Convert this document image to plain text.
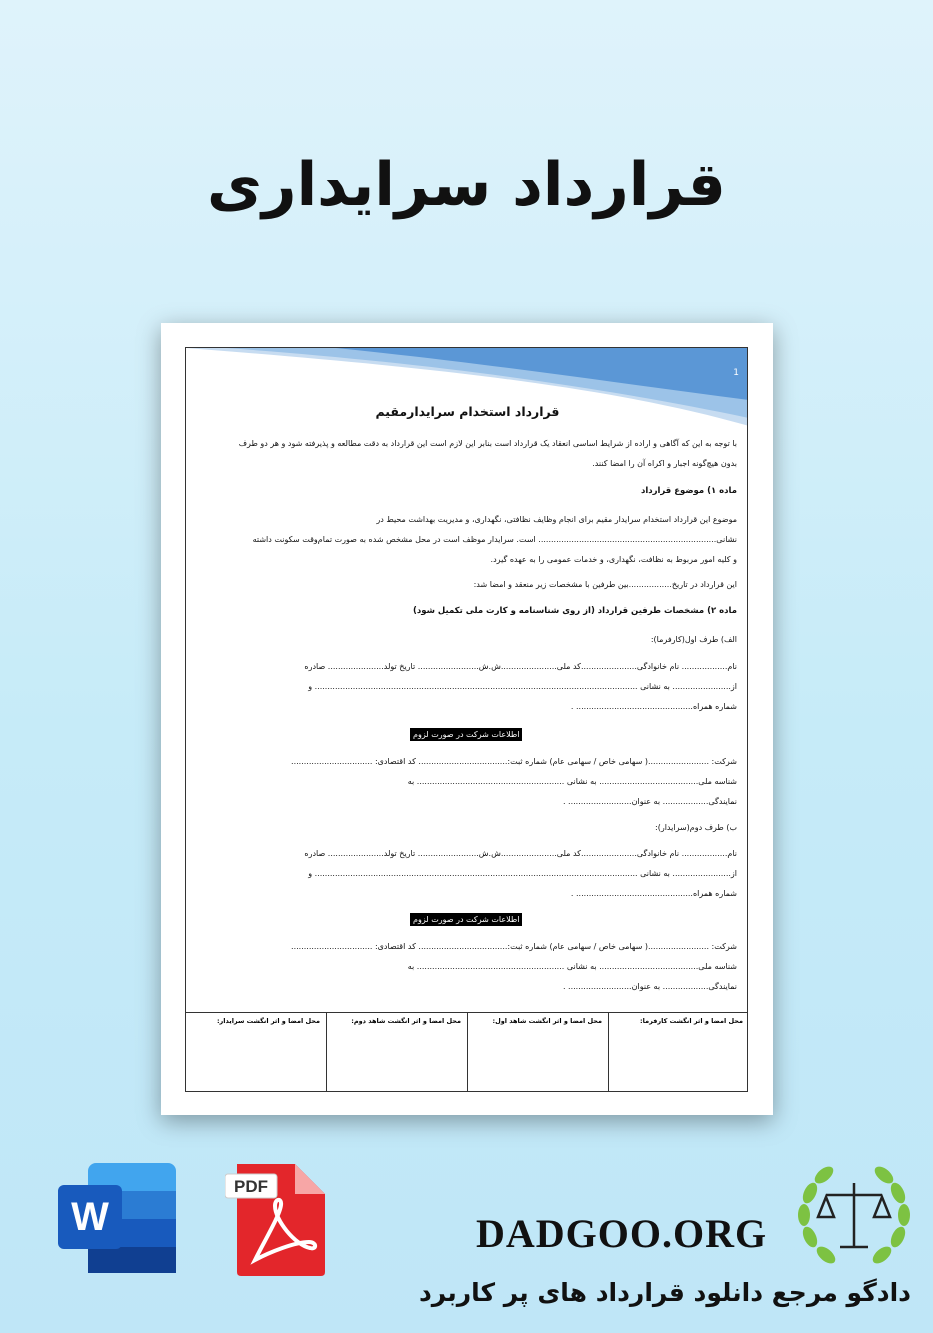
قرارداد سرایداری
1
قرارداد استخدام سرایدارمقیم
با توجه به این که آگاهی و اراده از شرایط اساسی انعقاد یک قرارداد است بنابر این لازم است این قرارداد به دقت مطالعه و پذیرفته شود و هر دو طرف
بدون هیچ‌گونه اجبار و اکراه آن را امضا کنند.
ماده ۱) موضوع قرارداد
موضوع این قرارداد استخدام سرایدار مقیم برای انجام وظایف نظافتی، نگهداری، و مدیریت بهداشت محیط در
نشانی...................................................................... است. سرایدار موظف است در محل مشخص شده به صورت تمام‌وقت سکونت داشته
و کلیه امور مربوط به نظافت، نگهداری، و خدمات عمومی را به عهده گیرد.
این قرارداد در تاریخ.................بین طرفین با مشخصات زیر منعقد و امضا شد:
ماده ۲) مشخصات طرفین قرارداد (از روی شناسنامه و کارت ملی تکمیل شود)
الف) طرف اول(کارفرما):
نام.................. نام خانوادگی......................کد ملی......................ش.ش........................ تاریخ تولد...................... صادره
از....................... به نشانی ............................................................................................................................... و
شماره همراه.............................................. .
اطلاعات شرکت در صورت لزوم
شرکت: ........................( سهامی خاص / سهامی عام) شماره ثبت:................................... کد اقتصادی: ................................
شناسه ملی....................................... به نشانی .......................................................... به
نمایندگی.................. به عنوان......................... .
ب) طرف دوم(سرایدار):
نام.................. نام خانوادگی......................کد ملی......................ش.ش........................ تاریخ تولد...................... صادره
از....................... به نشانی ............................................................................................................................... و
شماره همراه.............................................. .
اطلاعات شرکت در صورت لزوم
شرکت: ........................( سهامی خاص / سهامی عام) شماره ثبت:................................... کد اقتصادی: ................................
شناسه ملی....................................... به نشانی .......................................................... به
نمایندگی.................. به عنوان......................... .
محل امضا و اثر انگشت کارفرما:
محل امضا و اثر انگشت شاهد اول:
محل امضا و اثر انگشت شاهد دوم:
محل امضا و اثر انگشت سرایدار:
W
PDF
DADGOO.ORG
دادگو مرجع دانلود قرارداد های پر کاربرد
